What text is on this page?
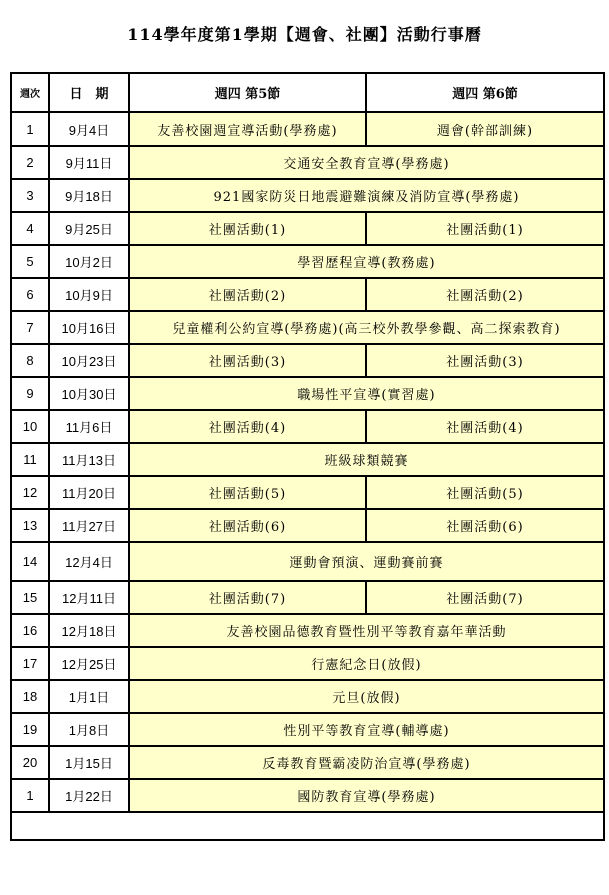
114學年度第1學期【週會、社團】活動行事曆
週次	日　期	週四 第5節	週四 第6節
1	9月4日	友善校園週宣導活動(學務處)	週會(幹部訓練)
2	9月11日	交通安全教育宣導(學務處)	
3	9月18日	921國家防災日地震避難演練及消防宣導(學務處)	
4	9月25日	社團活動(1)	社團活動(1)
5	10月2日	學習歷程宣導(教務處)	
6	10月9日	社團活動(2)	社團活動(2)
7	10月16日	兒童權利公約宣導(學務處)(高三校外教學參觀、高二探索教育)	
8	10月23日	社團活動(3)	社團活動(3)
9	10月30日	職場性平宣導(實習處)	
10	11月6日	社團活動(4)	社團活動(4)
11	11月13日	班級球類競賽	
12	11月20日	社團活動(5)	社團活動(5)
13	11月27日	社團活動(6)	社團活動(6)
14	12月4日	運動會預演、運動賽前賽	
15	12月11日	社團活動(7)	社團活動(7)
16	12月18日	友善校園品德教育暨性別平等教育嘉年華活動	
17	12月25日	行憲紀念日(放假)	
18	1月1日	元旦(放假)	
19	1月8日	性別平等教育宣導(輔導處)	
20	1月15日	反毒教育暨霸凌防治宣導(學務處)	
1	1月22日	國防教育宣導(學務處)	
